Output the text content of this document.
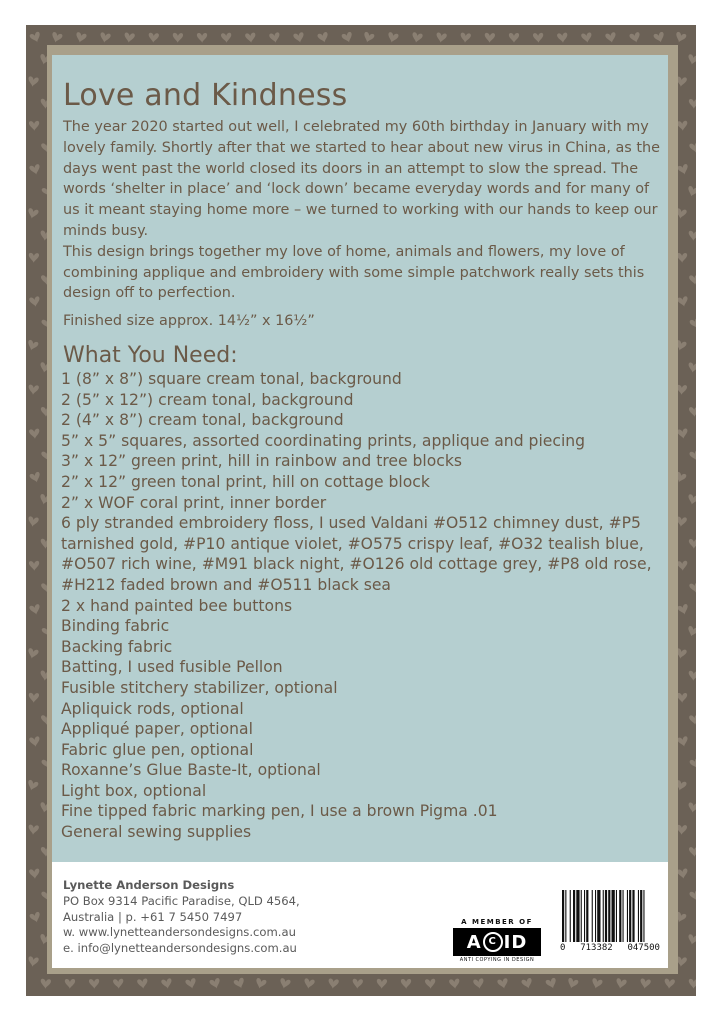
Love and Kindness

The year 2020 started out well, I celebrated my 60th birthday in January with my lovely family. Shortly after that we started to hear about new virus in China, as the days went past the world closed its doors in an attempt to slow the spread. The words ‘shelter in place’ and ‘lock down’ became everyday words and for many of us it meant staying home more – we turned to working with our hands to keep our minds busy.

This design brings together my love of home, animals and flowers, my love of combining applique and embroidery with some simple patchwork really sets this design off to perfection.

Finished size approx. 14½” x 16½”
What You Need:
1 (8” x 8”) square cream tonal, background
2 (5” x 12”) cream tonal, background
2 (4” x 8”) cream tonal, background
5” x 5” squares, assorted coordinating prints, applique and piecing
3” x 12” green print, hill in rainbow and tree blocks
2” x 12” green tonal print, hill on cottage block
2” x WOF coral print, inner border
6 ply stranded embroidery floss, I used Valdani #O512 chimney dust, #P5 tarnished gold, #P10 antique violet, #O575 crispy leaf, #O32 tealish blue, #O507 rich wine, #M91 black night, #O126 old cottage grey, #P8 old rose, #H212 faded brown and #O511 black sea
2 x hand painted bee buttons
Binding fabric
Backing fabric
Batting, I used fusible Pellon
Fusible stitchery stabilizer, optional
Apliquick rods, optional
Appliqué paper, optional
Fabric glue pen, optional
Roxanne’s Glue Baste-It, optional
Light box, optional
Fine tipped fabric marking pen, I use a brown Pigma .01
General sewing supplies
Lynette Anderson Designs
PO Box 9314 Pacific Paradise, QLD 4564,
Australia | p. +61 7 5450 7497
w. www.lynetteandersondesigns.com.au
e. info@lynetteandersondesigns.com.au
A MEMBER OF
A C ID
ANTI COPYING IN DESIGN
0 713382 047500
